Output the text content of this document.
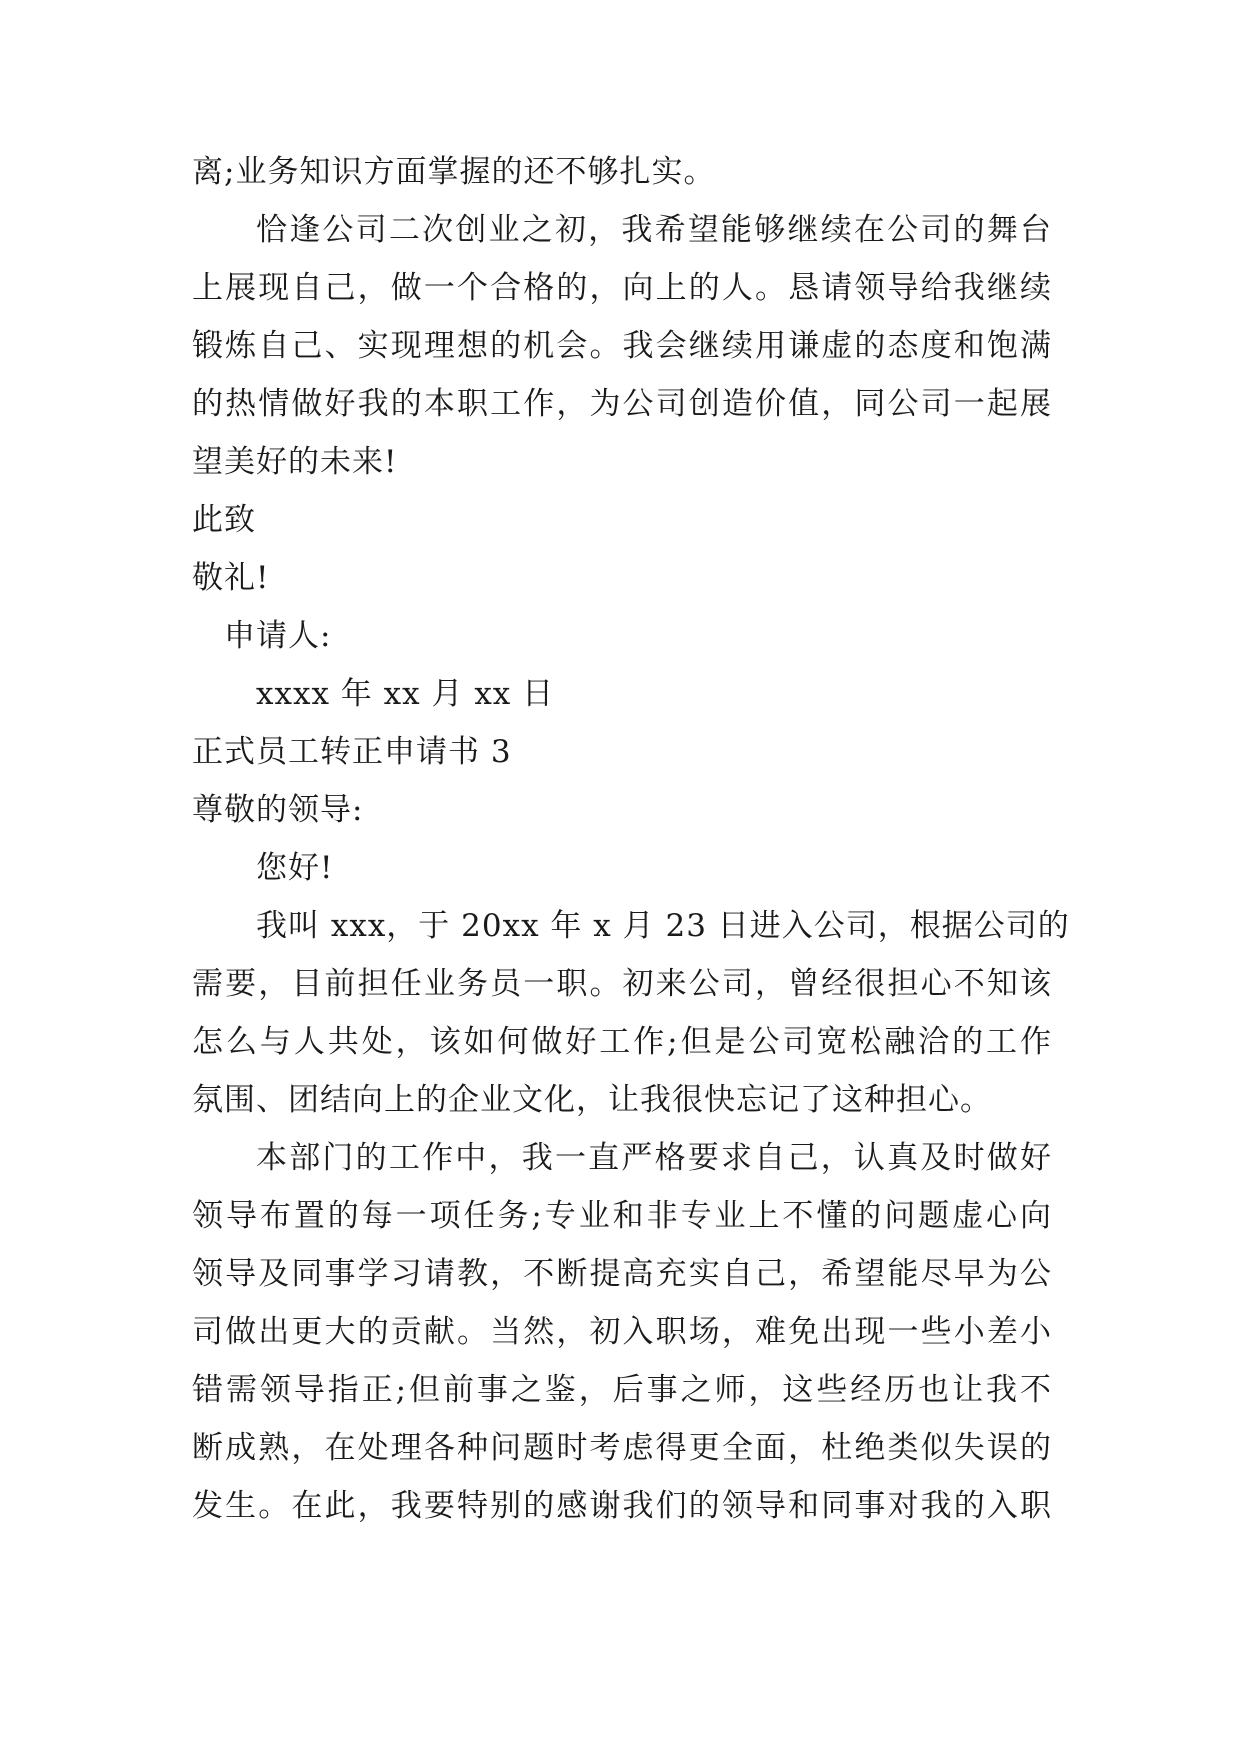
离;业务知识方面掌握的还不够扎实。
恰逢公司二次创业之初，我希望能够继续在公司的舞台
上展现自己，做一个合格的，向上的人。恳请领导给我继续
锻炼自己、实现理想的机会。我会继续用谦虚的态度和饱满
的热情做好我的本职工作，为公司创造价值，同公司一起展
望美好的未来!
此致
敬礼!
申请人:
xxxx 年 xx 月 xx 日
正式员工转正申请书 3
尊敬的领导:
您好!
我叫 xxx，于 20xx 年 x 月 23 日进入公司，根据公司的
需要，目前担任业务员一职。初来公司，曾经很担心不知该
怎么与人共处，该如何做好工作;但是公司宽松融洽的工作
氛围、团结向上的企业文化，让我很快忘记了这种担心。
本部门的工作中，我一直严格要求自己，认真及时做好
领导布置的每一项任务;专业和非专业上不懂的问题虚心向
领导及同事学习请教，不断提高充实自己，希望能尽早为公
司做出更大的贡献。当然，初入职场，难免出现一些小差小
错需领导指正;但前事之鉴，后事之师，这些经历也让我不
断成熟，在处理各种问题时考虑得更全面，杜绝类似失误的
发生。在此，我要特别的感谢我们的领导和同事对我的入职
